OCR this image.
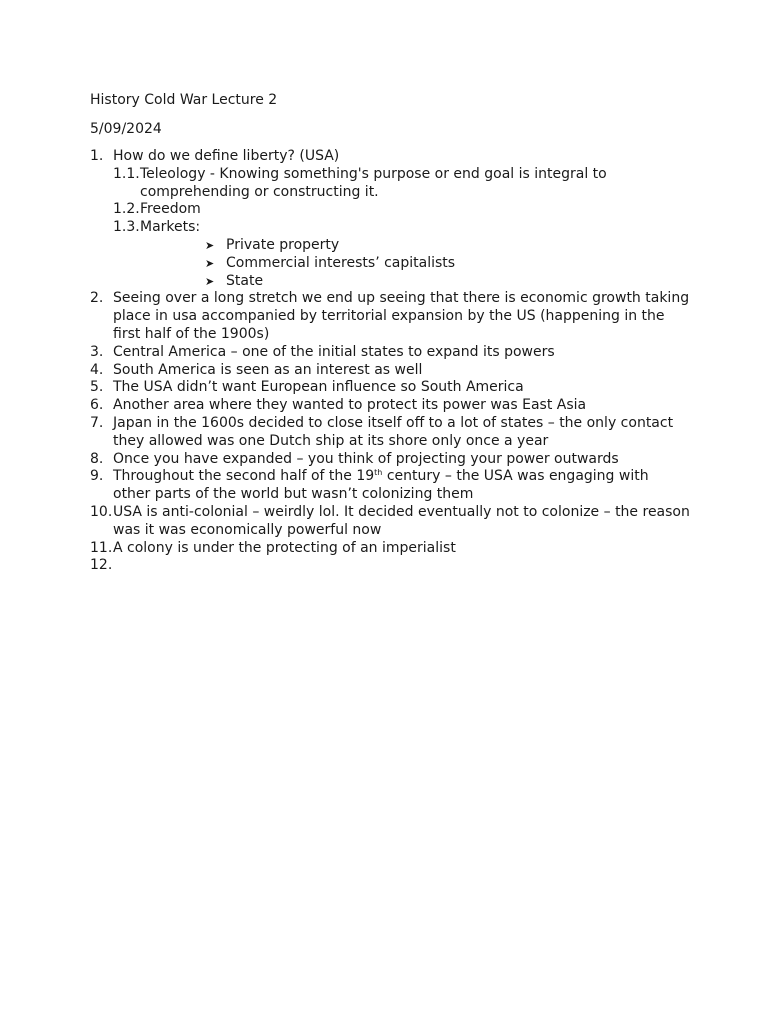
History Cold War Lecture 2
5/09/2024
1. How do we define liberty? (USA)
1.1. Teleology - Knowing something's purpose or end goal is integral to comprehending or constructing it.
1.2. Freedom
1.3. Markets:
➤ Private property
➤ Commercial interests’ capitalists
➤ State
2. Seeing over a long stretch we end up seeing that there is economic growth taking place in usa accompanied by territorial expansion by the US (happening in the first half of the 1900s)
3. Central America – one of the initial states to expand its powers
4. South America is seen as an interest as well
5. The USA didn’t want European influence so South America
6. Another area where they wanted to protect its power was East Asia
7. Japan in the 1600s decided to close itself off to a lot of states – the only contact they allowed was one Dutch ship at its shore only once a year
8. Once you have expanded – you think of projecting your power outwards
9. Throughout the second half of the 19th century – the USA was engaging with other parts of the world but wasn’t colonizing them
10. USA is anti-colonial – weirdly lol. It decided eventually not to colonize – the reason was it was economically powerful now
11. A colony is under the protecting of an imperialist
12.
